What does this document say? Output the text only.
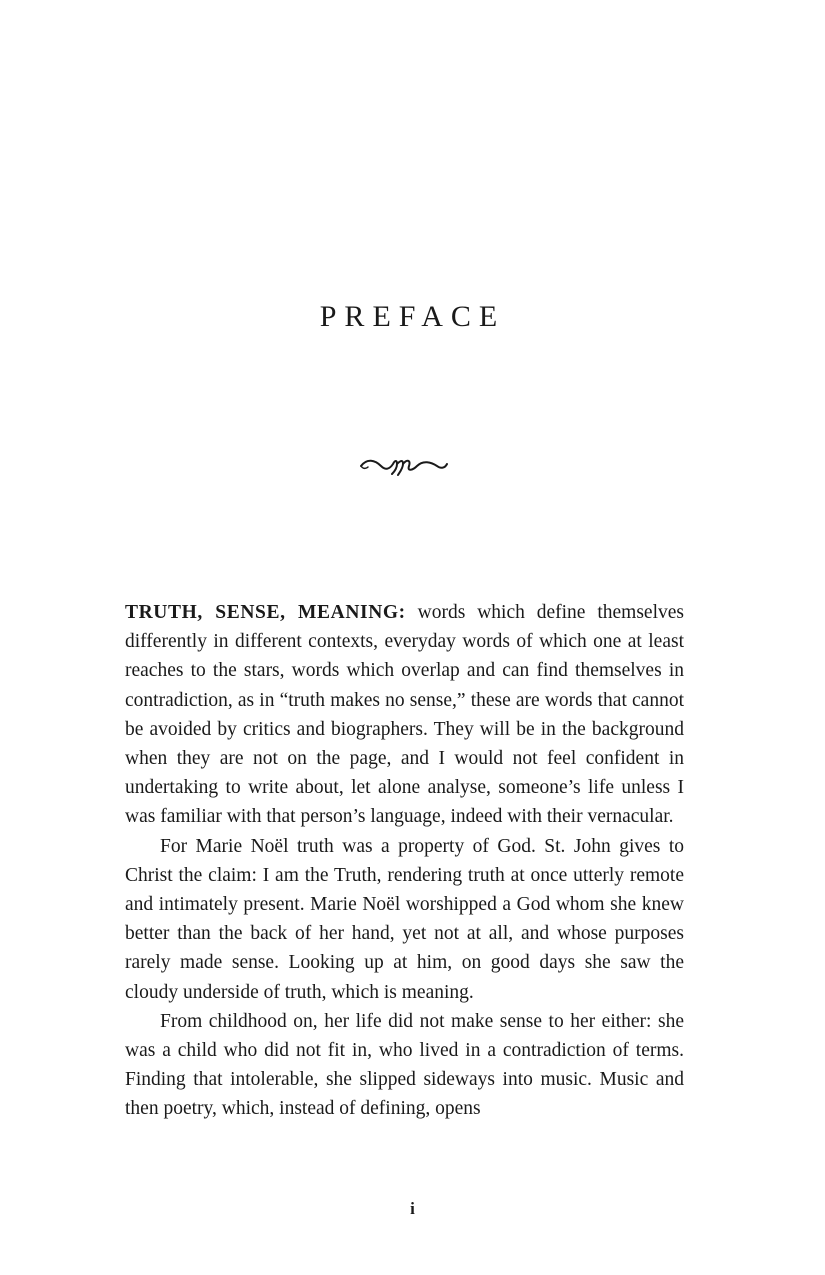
PREFACE

TRUTH, SENSE, MEANING: words which define themselves differently in different contexts, everyday words of which one at least reaches to the stars, words which overlap and can find themselves in contradiction, as in “truth makes no sense,” these are words that cannot be avoided by critics and biographers. They will be in the background when they are not on the page, and I would not feel confident in undertaking to write about, let alone analyse, someone’s life unless I was familiar with that person’s language, indeed with their vernacular.

For Marie Noël truth was a property of God. St. John gives to Christ the claim: I am the Truth, rendering truth at once utterly remote and intimately present. Marie Noël worshipped a God whom she knew better than the back of her hand, yet not at all, and whose purposes rarely made sense. Looking up at him, on good days she saw the cloudy underside of truth, which is meaning.

From childhood on, her life did not make sense to her either: she was a child who did not fit in, who lived in a contradiction of terms. Finding that intolerable, she slipped sideways into music. Music and then poetry, which, instead of defining, opens

i
